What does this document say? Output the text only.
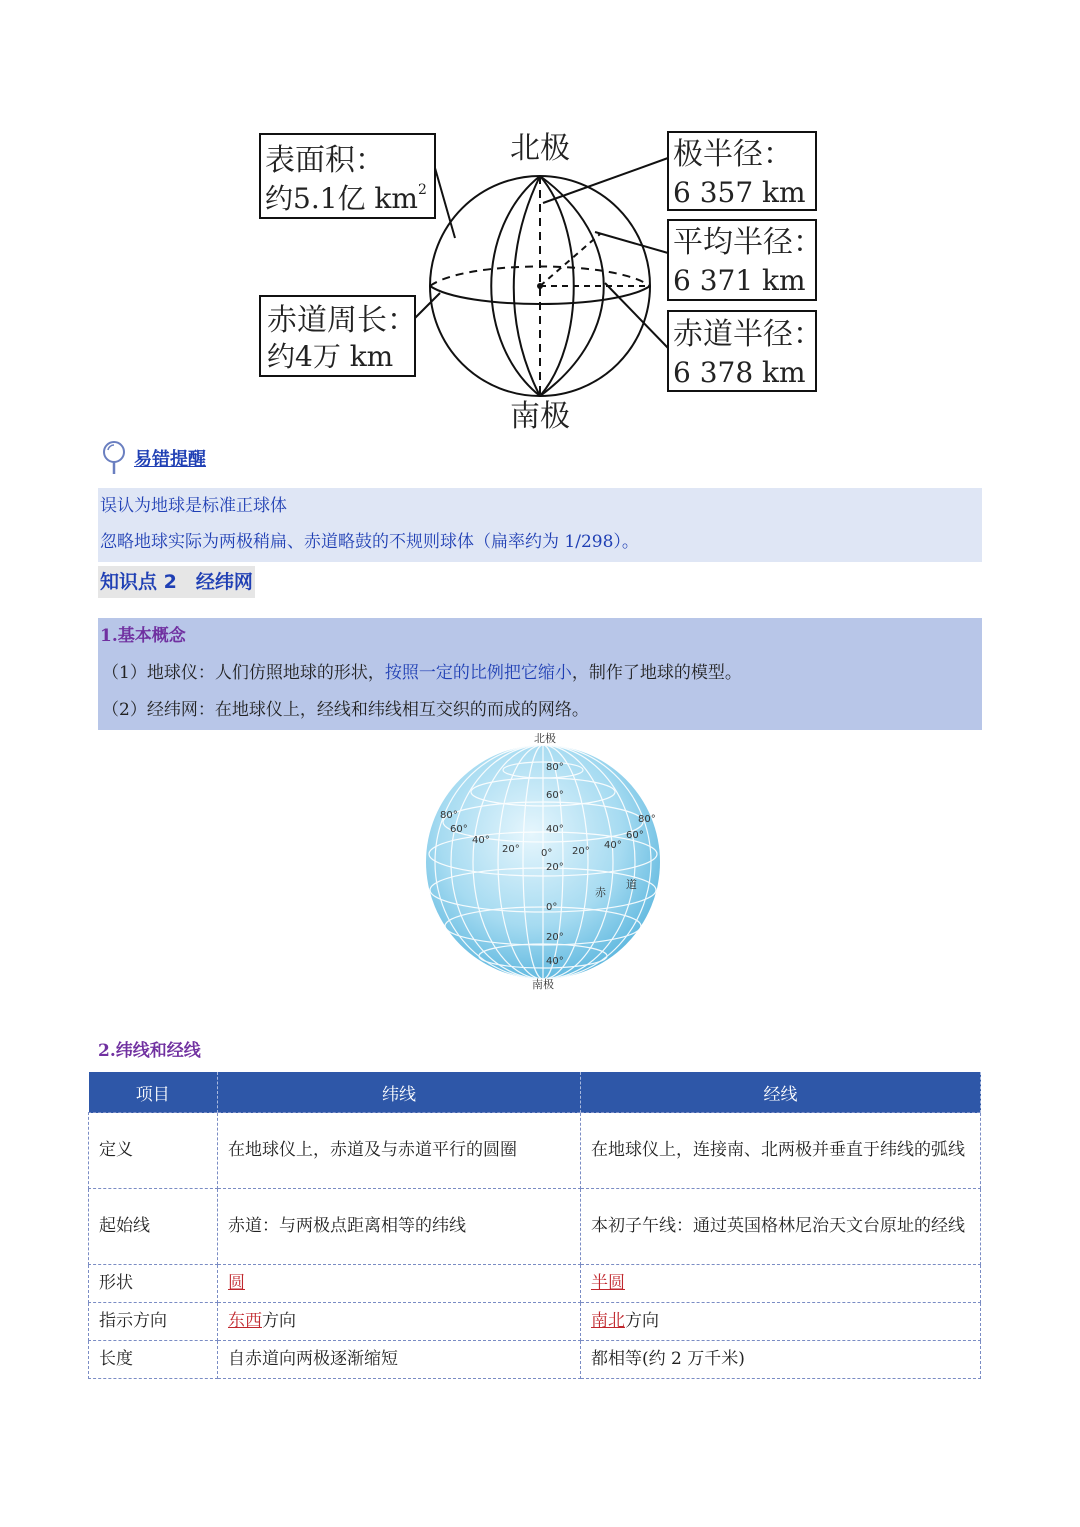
北极
南极
表面积：
约5.1亿 $km^2$
赤道周长：
约4万 km
极半径：
6 357 km
平均半径：
6 371 km
赤道半径：
6 378 km
易错提醒
误认为地球是标准正球体
忽略地球实际为两极稍扁、赤道略鼓的不规则球体（扁率约为 1/298）。
知识点 2　经纬网
1.基本概念
（1）地球仪：人们仿照地球的形状，按照一定的比例把它缩小，制作了地球的模型。
（2）经纬网：在地球仪上，经线和纬线相互交织的而成的网络。
北极
南极
80°
60°
40°
20°
0°
20°
40°
80°
60°
40°
20° 0° 20°
40°
60°
80°
赤
道
2.纬线和经线
项目	纬线	经线
定义	在地球仪上，赤道及与赤道平行的圆圈	在地球仪上，连接南、北两极并垂直于纬线的弧线
起始线	赤道：与两极点距离相等的纬线	本初子午线：通过英国格林尼治天文台原址的经线
形状	圆	半圆
指示方向	东西方向	南北方向
长度	自赤道向两极逐渐缩短	都相等(约 2 万千米)
